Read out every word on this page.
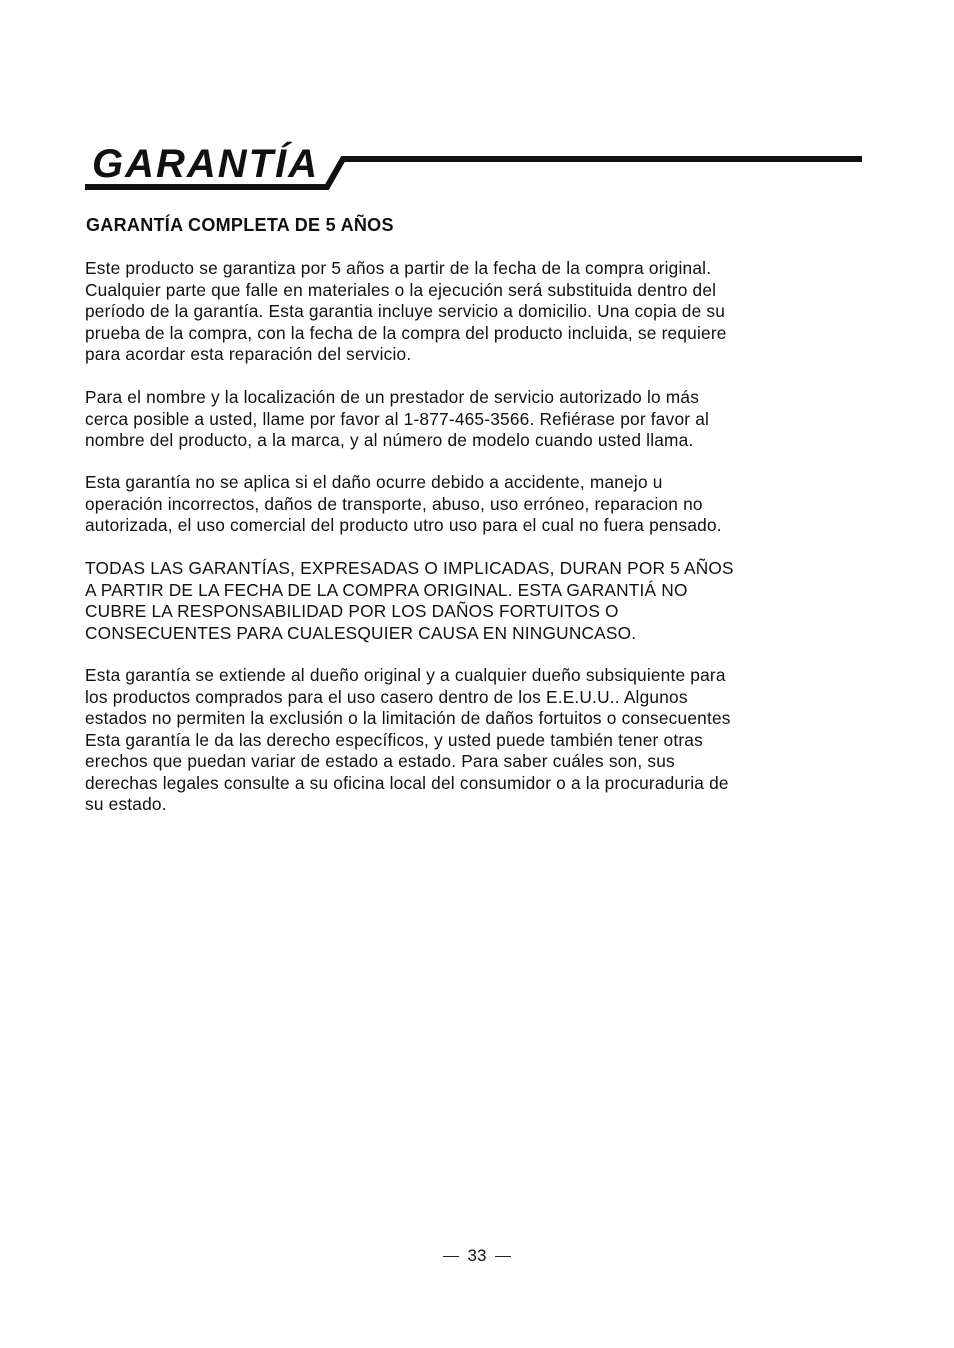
GARANTÍA
GARANTÍA COMPLETA DE 5 AÑOS

Este producto se garantiza por 5 años a partir de la fecha de la compra original.
Cualquier parte que falle en materiales o la ejecución será substituida dentro del
período de la garantía. Esta garantia incluye servicio a domicilio. Una copia de su
prueba de la compra, con la fecha de la compra del producto incluida, se requiere
para acordar esta reparación del servicio.

Para el nombre y la localización de un prestador de servicio autorizado lo más
cerca posible a usted, llame por favor al 1-877-465-3566. Refiérase por favor al
nombre del producto, a la marca, y al número de modelo cuando usted llama.

Esta garantía no se aplica si el daño ocurre debido a accidente, manejo u
operación incorrectos, daños de transporte, abuso, uso erróneo, reparacion no
autorizada, el uso comercial del producto utro uso para el cual no fuera pensado.

TODAS LAS GARANTÍAS, EXPRESADAS O IMPLICADAS, DURAN POR 5 AÑOS
A PARTIR DE LA FECHA DE LA COMPRA ORIGINAL. ESTA GARANTIÁ NO
CUBRE LA RESPONSABILIDAD POR LOS DAÑOS FORTUITOS O
CONSECUENTES PARA CUALESQUIER CAUSA EN NINGUNCASO.

Esta garantía se extiende al dueño original y a cualquier dueño subsiquiente para
los productos comprados para el uso casero dentro de los E.E.U.U.. Algunos
estados no permiten la exclusión o la limitación de daños fortuitos o consecuentes
Esta garantía le da las derecho específicos, y usted puede también tener otras
erechos que puedan variar de estado a estado. Para saber cuáles son, sus
derechas legales consulte a su oficina local del consumidor o a la procuraduria de
su estado.

33
